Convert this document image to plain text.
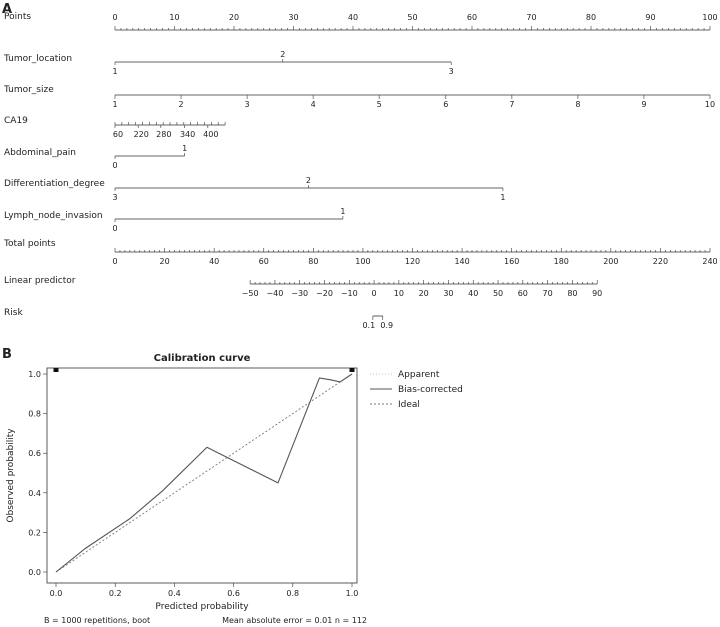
Points	0	10	20	30	40	50	60	70	80	90	100
Tumor_location
1
2
3
Tumor_size
1	2	3	4	5	6	7	8	9	10
CA19
60 220 280 340 400
Abdominal_pain
0
1
Differentiation_degree
3
2
1
Lymph_node_invasion
0
1
Total points
0	20	40	60	80	100	120	140	160	180	200	220	240
Linear predictor
−50 −40 −30 −20 −10 0 10 20 30 40 50 60 70 80 90
Risk
0.1 0.9
Calibration curve
0.0	0.2	0.4	0.6	0.8	1.0
0.0
0.2
0.4
0.6
0.8
1.0
Predicted probability
Observed probability
Apparent
Bias-corrected
Ideal
B = 1000 repetitions, boot	Mean absolute error = 0.01 n = 112
A
B
